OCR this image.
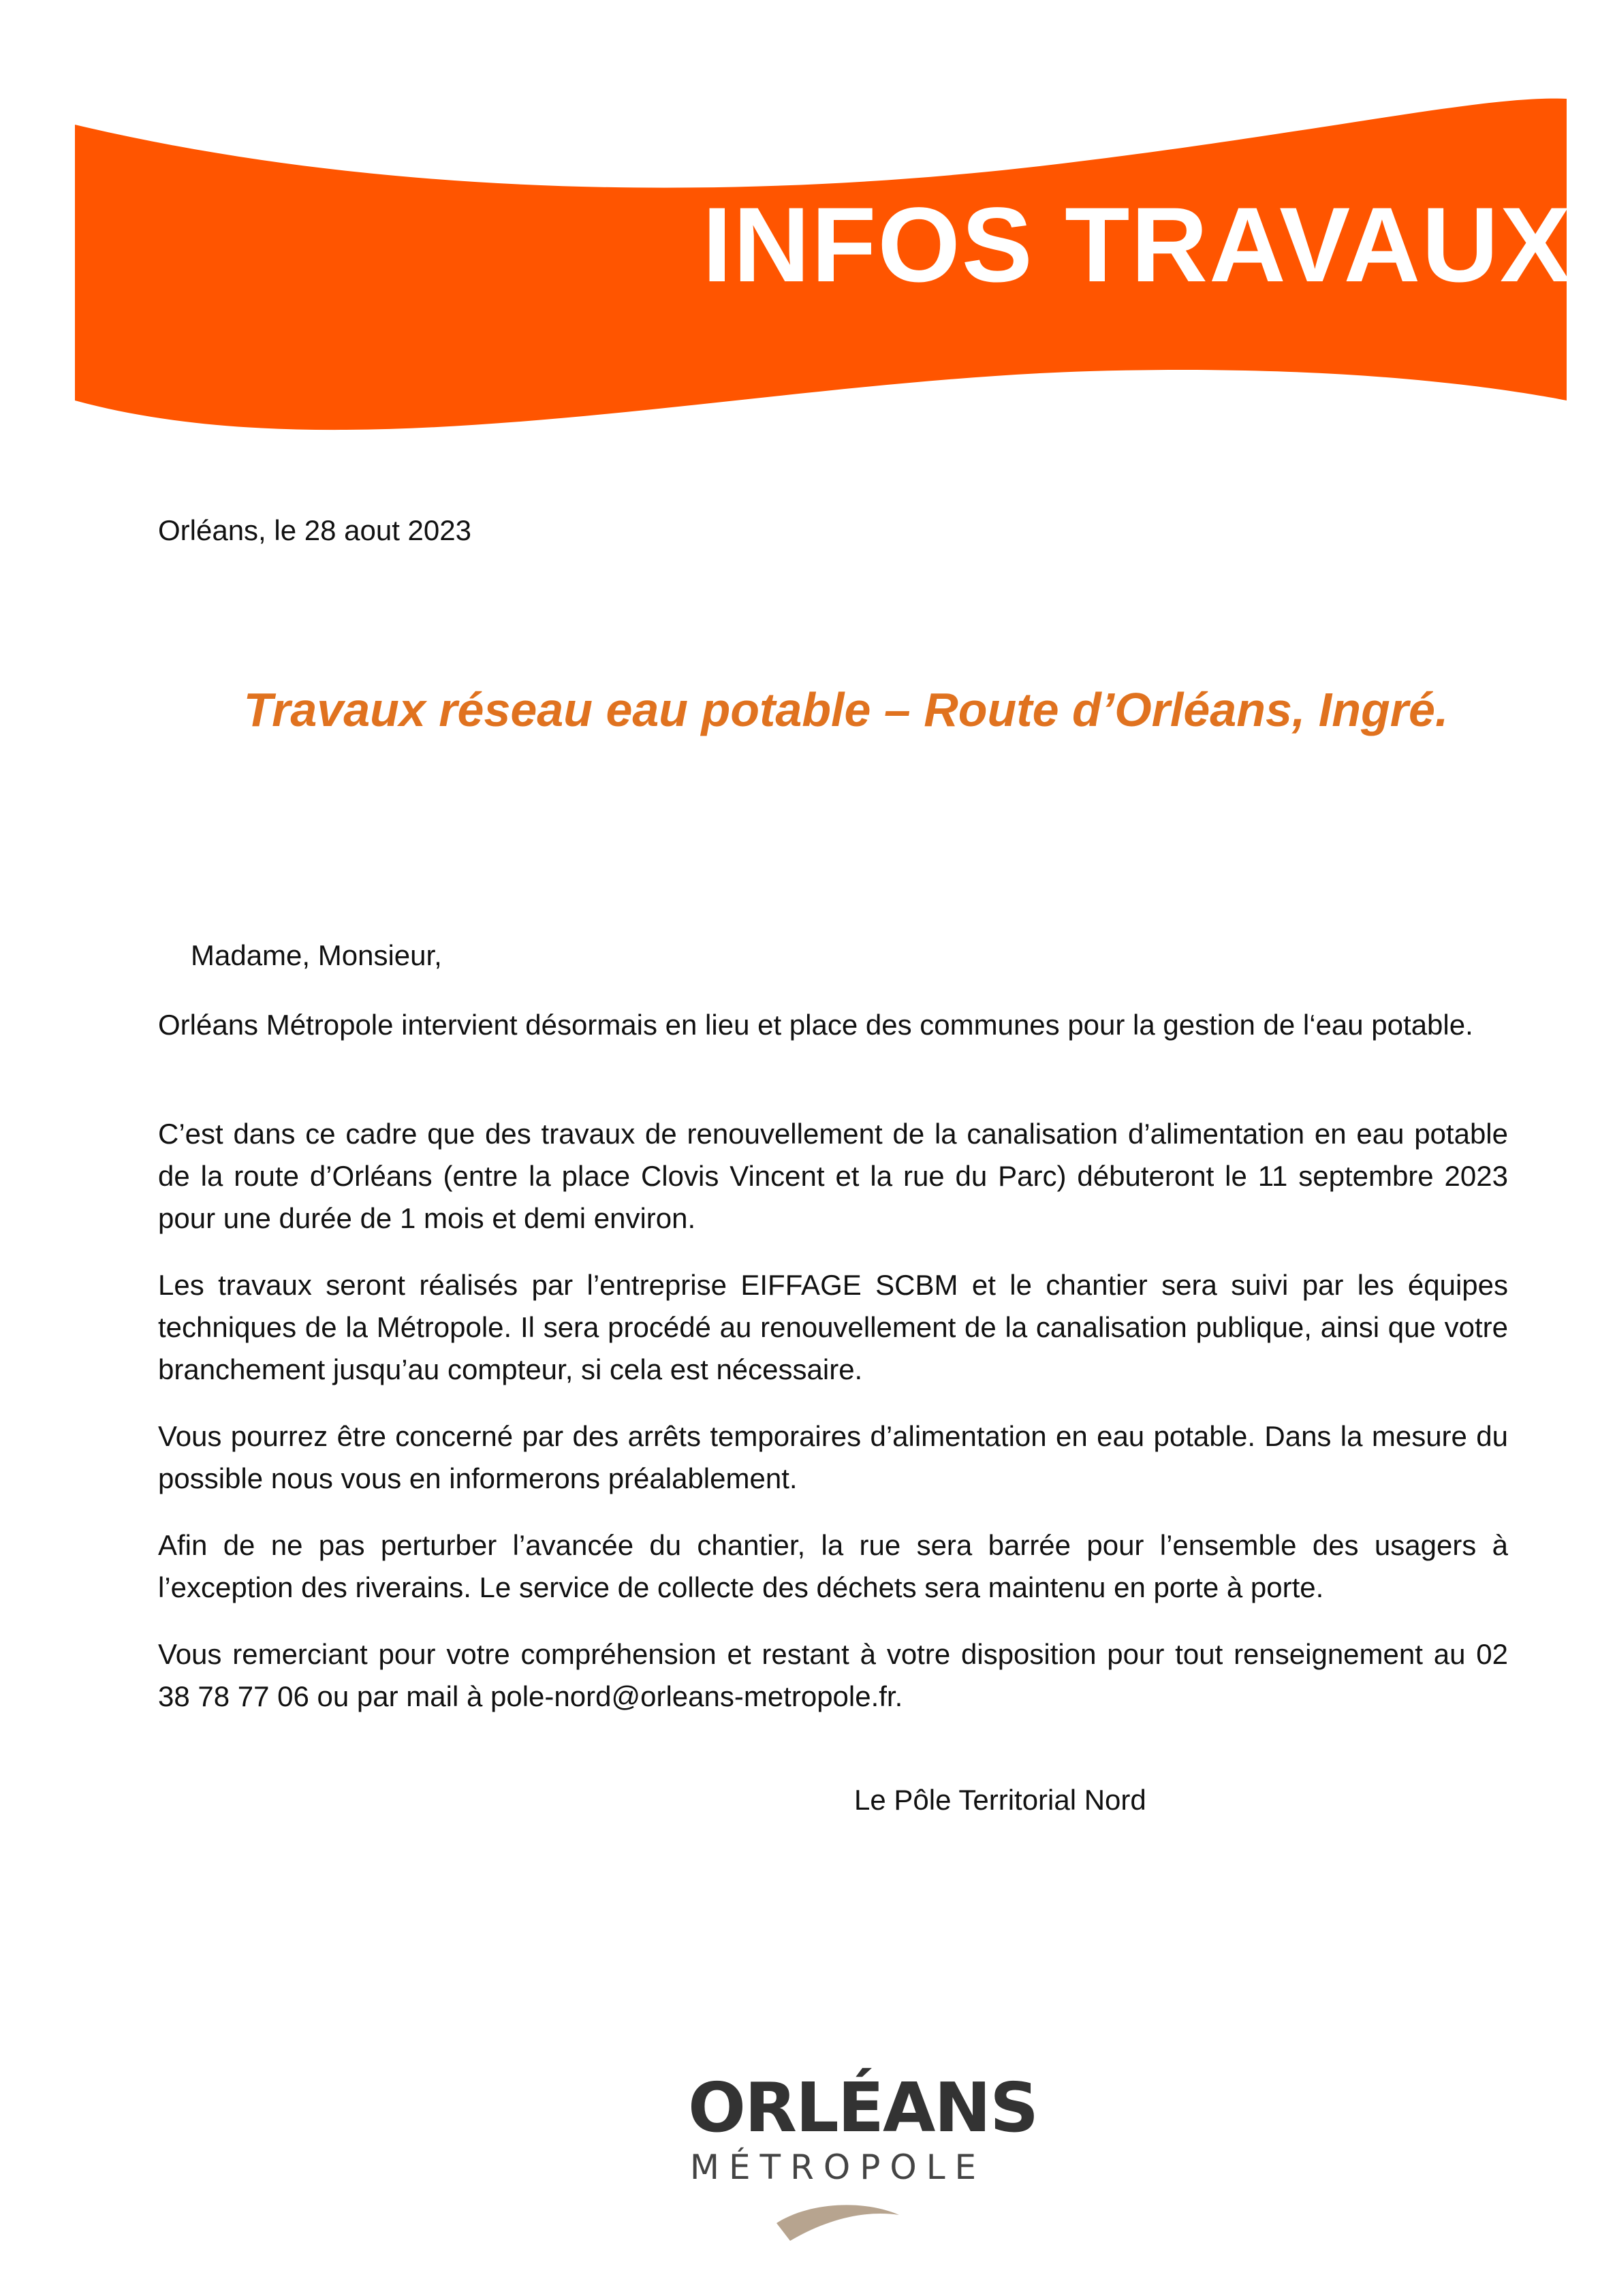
INFOS TRAVAUX

Orléans, le 28 aout 2023

Travaux réseau eau potable – Route d’Orléans, Ingré.

Madame, Monsieur,

Orléans Métropole intervient désormais en lieu et place des communes pour la gestion de l‘eau potable.

C’est dans ce cadre que des travaux de renouvellement de la canalisation d’alimentation en eau potable de la route d’Orléans (entre la place Clovis Vincent et la rue du Parc) débuteront le 11 septembre 2023 pour une durée de 1 mois et demi environ.

Les travaux seront réalisés par l’entreprise EIFFAGE SCBM et le chantier sera suivi par les équipes techniques de la Métropole. Il sera procédé au renouvellement de la canalisation publique, ainsi que votre branchement jusqu’au compteur, si cela est nécessaire.

Vous pourrez être concerné par des arrêts temporaires d’alimentation en eau potable. Dans la mesure du possible nous vous en informerons préalablement.

Afin de ne pas perturber l’avancée du chantier, la rue sera barrée pour l’ensemble des usagers à l’exception des riverains. Le service de collecte des déchets sera maintenu en porte à porte.

Vous remerciant pour votre compréhension et restant à votre disposition pour tout renseignement au 02 38 78 77 06 ou par mail à pole-nord@orleans-metropole.fr.

Le Pôle Territorial Nord

ORLÉANS
MÉTROPOLE
